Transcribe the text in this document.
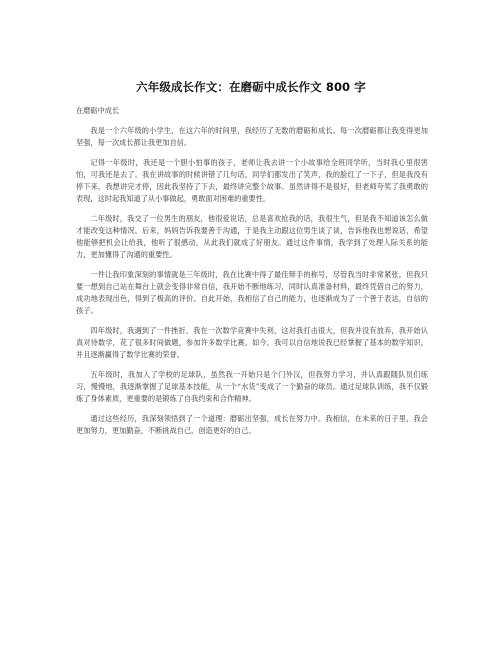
六年级成长作文：在磨砺中成长作文 800 字
在磨砺中成长

我是一个六年级的小学生，在这六年的时间里，我经历了无数的磨砺和成长。每一次磨砺都让我变得更加坚强，每一次成长都让我更加自信。

记得一年级时，我还是一个胆小怕事的孩子，老师让我去讲一个小故事给全班同学听，当时我心里很害怕，可我还是去了。我在讲故事的时候讲错了几句话，同学们都发出了笑声，我的脸红了一下子，但是我没有停下来，我想讲完才停，因此我坚持了下去，最终讲完整个故事。虽然讲得不是很好，但老师夸奖了我勇敢的表现，这时起我知道了从小事做起，勇敢面对困难的重要性。

二年级时，我交了一位男生的朋友，他很爱说话，总是喜欢抢我的话，我很生气，但是我不知道该怎么做才能改变这种情况。后来，妈妈告诉我要善于沟通，于是我主动跟这位男生谈了谈，告诉他我也想说话，希望他能够把机会让给我，他听了很感动，从此我们就成了好朋友。通过这件事情，我学到了处理人际关系的能力，更加懂得了沟通的重要性。

一件让我印象深刻的事情就是三年级时，我在比赛中得了最佳辩手的称号，尽管我当时非常紧张，但我只要一想到自己站在舞台上就会变得非常自信，我开始不断地练习，同时认真准备材料，最终凭借自己的努力，成功地表现出色，得到了极高的评价。自此开始，我相信了自己的能力，也逐渐成为了一个善于表达，自信的孩子。

四年级时，我遇到了一件挫折，我在一次数学竞赛中失利，这对我打击很大，但我并没有放弃，我开始认真对待数学，花了很多时间做题，参加许多数学比赛。如今，我可以自信地说我已经掌握了基本的数学知识，并且逐渐赢得了数学比赛的荣誉。

五年级时，我加入了学校的足球队，虽然我一开始只是个门外汉，但我努力学习，并认真跟随队员们练习，慢慢地，我逐渐掌握了足球基本技能，从一个“水货”变成了一个勤奋的球员。通过足球队训练，我不仅锻炼了身体素质，更重要的是锻炼了自我约束和合作精神。

通过这些经历，我深刻领悟到了一个道理：磨砺出坚强，成长在努力中。我相信，在未来的日子里，我会更加努力，更加勤奋，不断挑战自己，创造更好的自己。
